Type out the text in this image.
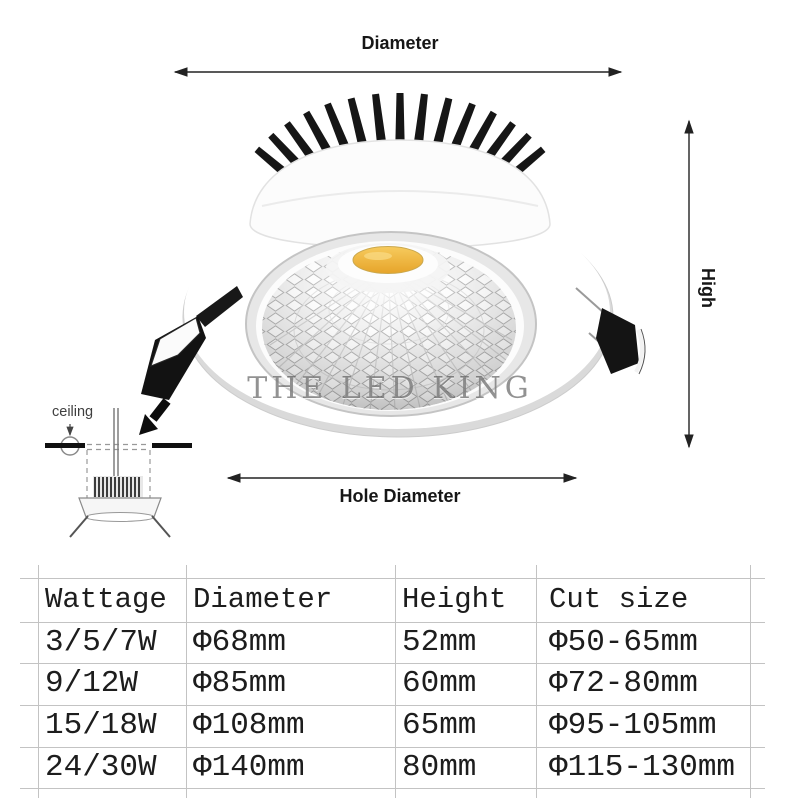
Diameter
High
Hole Diameter
ceiling
THE LED KING
Wattage Diameter Height Cut size
3/5/7W Φ68mm	52mm Φ50-65mm
9/12W Φ85mm	60mm Φ72-80mm
15/18W Φ108mm	65mm Φ95-105mm
24/30W Φ140mm	80mm Φ115-130mm
